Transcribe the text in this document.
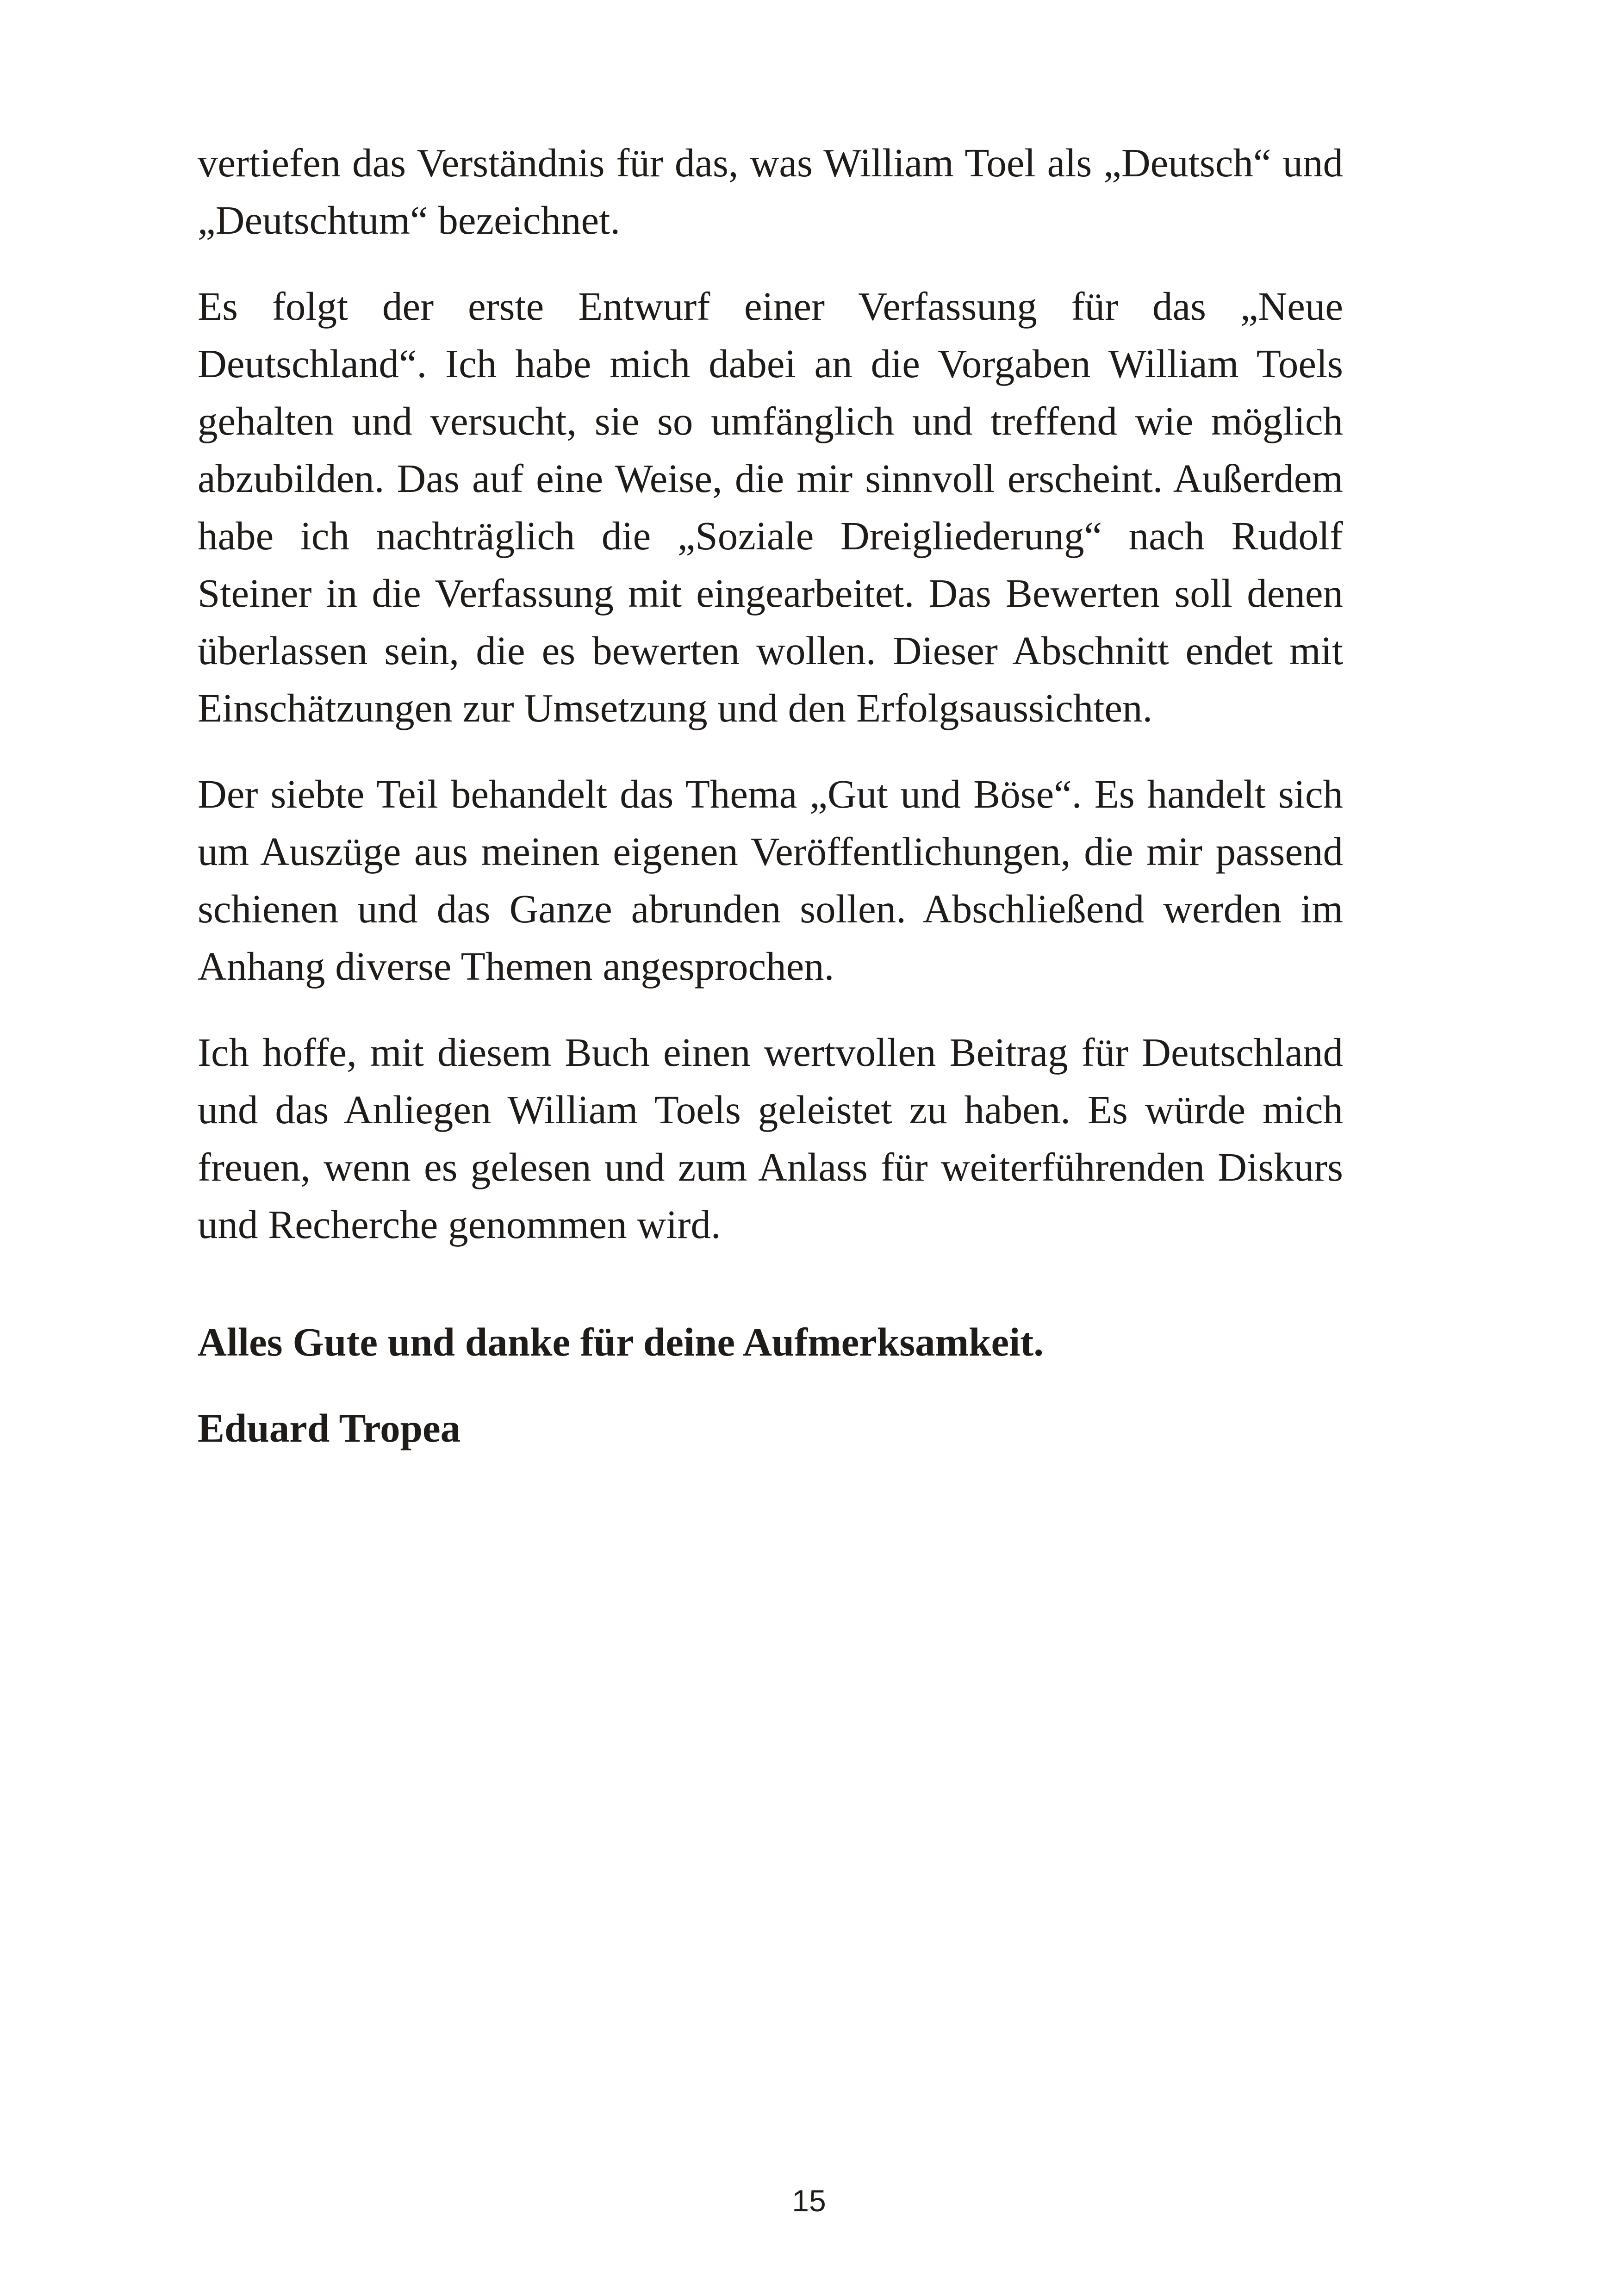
vertiefen das Verständnis für das, was William Toel als „Deutsch“ und „Deutschtum“ bezeichnet.

Es folgt der erste Entwurf einer Verfassung für das „Neue Deutschland“. Ich habe mich dabei an die Vorgaben William Toels gehalten und versucht, sie so umfänglich und treffend wie möglich abzubilden. Das auf eine Weise, die mir sinnvoll erscheint. Außerdem habe ich nachträglich die „Soziale Dreigliederung“ nach Rudolf Steiner in die Verfassung mit eingearbeitet. Das Bewerten soll denen überlassen sein, die es bewerten wollen. Dieser Abschnitt endet mit Einschätzungen zur Umsetzung und den Erfolgsaussichten.

Der siebte Teil behandelt das Thema „Gut und Böse“. Es handelt sich um Auszüge aus meinen eigenen Veröffentlichungen, die mir passend schienen und das Ganze abrunden sollen. Abschließend werden im Anhang diverse Themen angesprochen.

Ich hoffe, mit diesem Buch einen wertvollen Beitrag für Deutschland und das Anliegen William Toels geleistet zu haben. Es würde mich freuen, wenn es gelesen und zum Anlass für weiterführenden Diskurs und Recherche genommen wird.

Alles Gute und danke für deine Aufmerksamkeit.
Eduard Tropea
15
